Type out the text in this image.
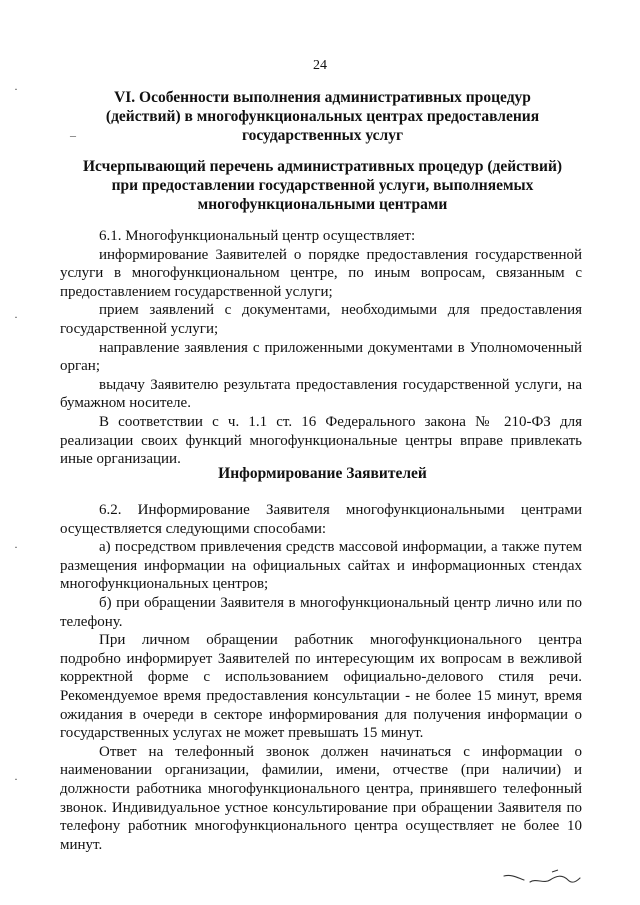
24
VI. Особенности выполнения административных процедур
(действий) в многофункциональных центрах предоставления
государственных услуг
Исчерпывающий перечень административных процедур (действий)
при предоставлении государственной услуги, выполняемых
многофункциональными центрами

6.1. Многофункциональный центр осуществляет:

информирование Заявителей о порядке предоставления государственной услуги в многофункциональном центре, по иным вопросам, связанным с предоставлением государственной услуги;

прием заявлений с документами, необходимыми для предоставления государственной услуги;

направление заявления с приложенными документами в Уполномоченный орган;

выдачу Заявителю результата предоставления государственной услуги, на бумажном носителе.

В соответствии с ч. 1.1 ст. 16 Федерального закона № 210-ФЗ для реализации своих функций многофункциональные центры вправе привлекать иные организации.

Информирование Заявителей

6.2. Информирование Заявителя многофункциональными центрами осуществляется следующими способами:

а) посредством привлечения средств массовой информации, а также путем размещения информации на официальных сайтах и информационных стендах многофункциональных центров;

б) при обращении Заявителя в многофункциональный центр лично или по телефону.

При личном обращении работник многофункционального центра подробно информирует Заявителей по интересующим их вопросам в вежливой корректной форме с использованием официально-делового стиля речи. Рекомендуемое время предоставления консультации - не более 15 минут, время ожидания в очереди в секторе информирования для получения информации о государственных услугах не может превышать 15 минут.

Ответ на телефонный звонок должен начинаться с информации о наименовании организации, фамилии, имени, отчестве (при наличии) и должности работника многофункционального центра, принявшего телефонный звонок. Индивидуальное устное консультирование при обращении Заявителя по телефону работник многофункционального центра осуществляет не более 10 минут.

·
–
·
·
·
